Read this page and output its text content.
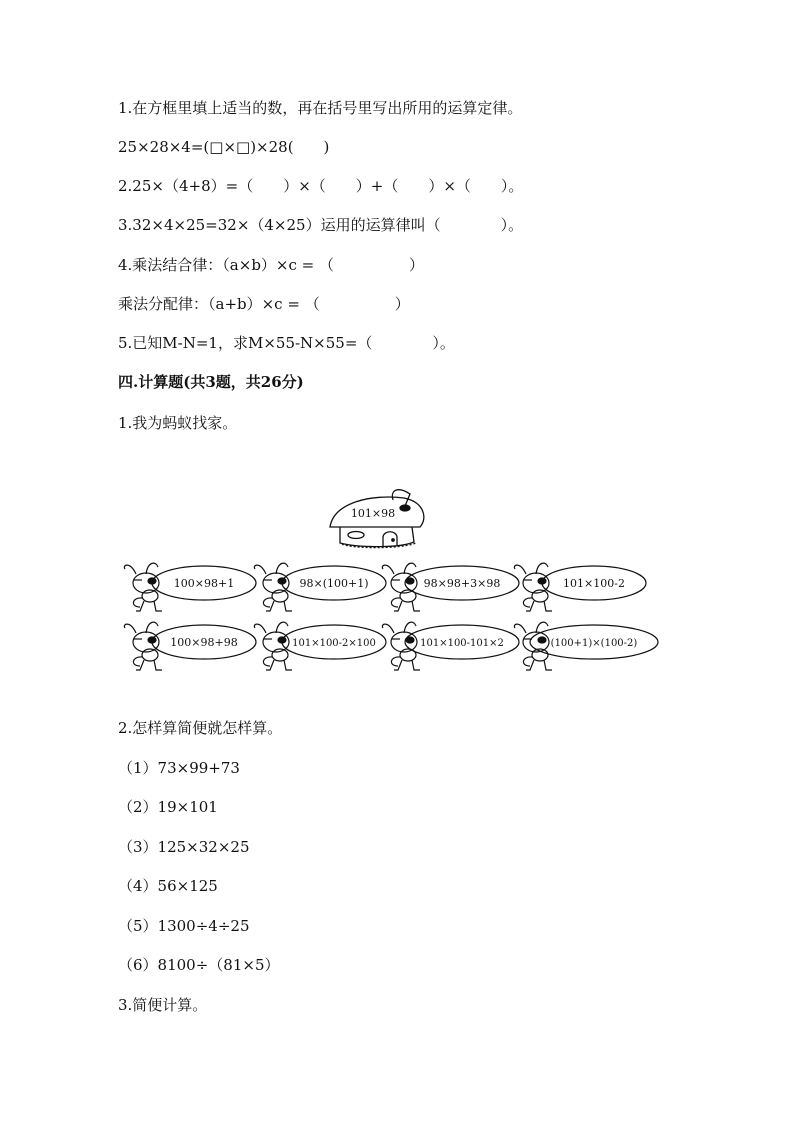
1.在方框里填上适当的数，再在括号里写出所用的运算定律。
25×28×4=(□×□)×28(　　)
2.25×（4+8）=（　　）×（　　）+（　　）×（　　）。
3.32×4×25=32×（4×25）运用的运算律叫（　　　　）。
4.乘法结合律：（a×b）×c = （　　　　　）
乘法分配律：（a+b）×c = （　　　　　）
5.已知M-N=1，求M×55-N×55=（　　　　）。
四.计算题(共3题，共26分)
1.我为蚂蚁找家。
101×98
100×98+1	98×(100+1)	98×98+3×98	101×100-2
100×98+98	101×100-2×100	101×100-101×2	(100+1)×(100-2)
2.怎样算简便就怎样算。
（1）73×99+73
（2）19×101
（3）125×32×25
（4）56×125
（5）1300÷4÷25
（6）8100÷（81×5）
3.简便计算。
